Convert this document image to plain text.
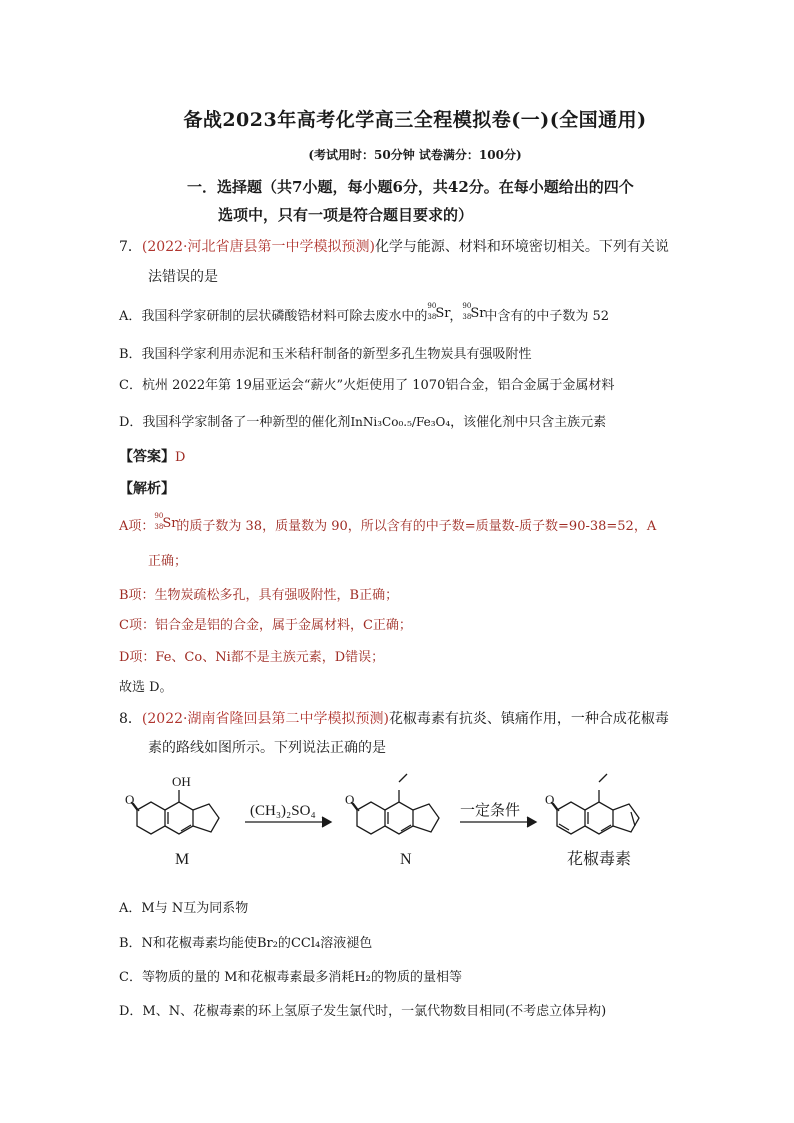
备战2023年高考化学高三全程模拟卷(一)(全国通用)
(考试用时：50分钟 试卷满分：100分)
一．选择题（共7小题，每小题6分，共42分。在每小题给出的四个
选项中，只有一项是符合题目要求的）
7．(2022·河北省唐县第一中学模拟预测)化学与能源、材料和环境密切相关。下列有关说
法错误的是
A．我国科学家研制的层状磷酸锆材料可除去废水中的
90
38 Sr
，
90
38 Sr
中含有的中子数为 52
B．我国科学家利用赤泥和玉米秸秆制备的新型多孔生物炭具有强吸附性
C．杭州 2022年第 19届亚运会“薪火”火炬使用了 1070铝合金，铝合金属于金属材料
D．我国科学家制备了一种新型的催化剂InNi₃Co₀.₅/Fe₃O₄，该催化剂中只含主族元素
【答案】D
【解析】
A项：
90
38 Sr
的质子数为 38，质量数为 90，所以含有的中子数=质量数-质子数=90-38=52，A
正确；
B项：生物炭疏松多孔，具有强吸附性，B正确；
C项：铝合金是铝的合金，属于金属材料，C正确；
D项：Fe、Co、Ni都不是主族元素，D错误；
故选 D。
8．(2022·湖南省隆回县第二中学模拟预测)花椒毒素有抗炎、镇痛作用，一种合成花椒毒
素的路线如图所示。下列说法正确的是
O
OH
O	O
M
(CH₃)₂SO₄
N
一定条件
花椒毒素
A．M与 N互为同系物
B．N和花椒毒素均能使Br₂的CCl₄溶液褪色
C．等物质的量的 M和花椒毒素最多消耗H₂的物质的量相等
D．M、N、花椒毒素的环上氢原子发生氯代时，一氯代物数目相同(不考虑立体异构)
